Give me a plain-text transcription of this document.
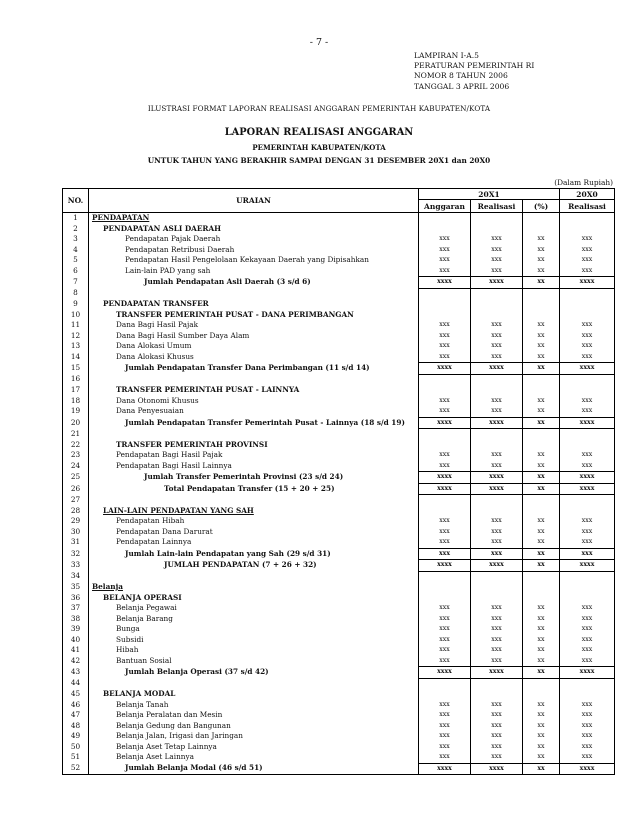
- 7 -
LAMPIRAN I-A.5
PERATURAN PEMERINTAH RI
NOMOR 8 TAHUN 2006
TANGGAL 3 APRIL 2006
ILUSTRASI FORMAT LAPORAN REALISASI ANGGARAN PEMERINTAH KABUPATEN/KOTA
LAPORAN REALISASI ANGGARAN
PEMERINTAH KABUPATEN/KOTA
UNTUK TAHUN YANG BERAKHIR SAMPAI DENGAN 31 DESEMBER 20X1 dan 20X0
(Dalam Rupiah)
NO.	URAIAN	20X1			20X0
		Anggaran	Realisasi	(%)	Realisasi
1	PENDAPATAN				
2	PENDAPATAN ASLI DAERAH				
3	Pendapatan Pajak Daerah	xxx	xxx	xx	xxx
4	Pendapatan Retribusi Daerah	xxx	xxx	xx	xxx
5	Pendapatan Hasil Pengelolaan Kekayaan Daerah yang Dipisahkan	xxx	xxx	xx	xxx
6	Lain-lain PAD yang sah	xxx	xxx	xx	xxx
7	Jumlah Pendapatan Asli Daerah (3 s/d 6)	xxxx	xxxx	xx	xxxx
8					
9	PENDAPATAN TRANSFER				
10	TRANSFER PEMERINTAH PUSAT - DANA PERIMBANGAN				
11	Dana Bagi Hasil Pajak	xxx	xxx	xx	xxx
12	Dana Bagi Hasil Sumber Daya Alam	xxx	xxx	xx	xxx
13	Dana Alokasi Umum	xxx	xxx	xx	xxx
14	Dana Alokasi Khusus	xxx	xxx	xx	xxx
15	Jumlah Pendapatan Transfer Dana Perimbangan (11 s/d 14)	xxxx	xxxx	xx	xxxx
16					
17	TRANSFER PEMERINTAH PUSAT - LAINNYA				
18	Dana Otonomi Khusus	xxx	xxx	xx	xxx
19	Dana Penyesuaian	xxx	xxx	xx	xxx
20	Jumlah Pendapatan Transfer Pemerintah Pusat - Lainnya (18 s/d 19)	xxxx	xxxx	xx	xxxx
21					
22	TRANSFER PEMERINTAH PROVINSI				
23	Pendapatan Bagi Hasil Pajak	xxx	xxx	xx	xxx
24	Pendapatan Bagi Hasil Lainnya	xxx	xxx	xx	xxx
25	Jumlah Transfer Pemerintah Provinsi (23 s/d 24)	xxxx	xxxx	xx	xxxx
26	Total Pendapatan Transfer (15 + 20 + 25)	xxxx	xxxx	xx	xxxx
27					
28	LAIN-LAIN PENDAPATAN YANG SAH				
29	Pendapatan Hibah	xxx	xxx	xx	xxx
30	Pendapatan Dana Darurat	xxx	xxx	xx	xxx
31	Pendapatan Lainnya	xxx	xxx	xx	xxx
32	Jumlah Lain-lain Pendapatan yang Sah (29 s/d 31)	xxx	xxx	xx	xxx
33	JUMLAH PENDAPATAN (7 + 26 + 32)	xxxx	xxxx	xx	xxxx
34					
35	Belanja				
36	BELANJA OPERASI				
37	Belanja Pegawai	xxx	xxx	xx	xxx
38	Belanja Barang	xxx	xxx	xx	xxx
39	Bunga	xxx	xxx	xx	xxx
40	Subsidi	xxx	xxx	xx	xxx
41	Hibah	xxx	xxx	xx	xxx
42	Bantuan Sosial	xxx	xxx	xx	xxx
43	Jumlah Belanja Operasi (37 s/d 42)	xxxx	xxxx	xx	xxxx
44					
45	BELANJA MODAL				
46	Belanja Tanah	xxx	xxx	xx	xxx
47	Belanja Peralatan dan Mesin	xxx	xxx	xx	xxx
48	Belanja Gedung dan Bangunan	xxx	xxx	xx	xxx
49	Belanja Jalan, Irigasi dan Jaringan	xxx	xxx	xx	xxx
50	Belanja Aset Tetap Lainnya	xxx	xxx	xx	xxx
51	Belanja Aset Lainnya	xxx	xxx	xx	xxx
52	Jumlah Belanja Modal (46 s/d 51)	xxxx	xxxx	xx	xxxx
